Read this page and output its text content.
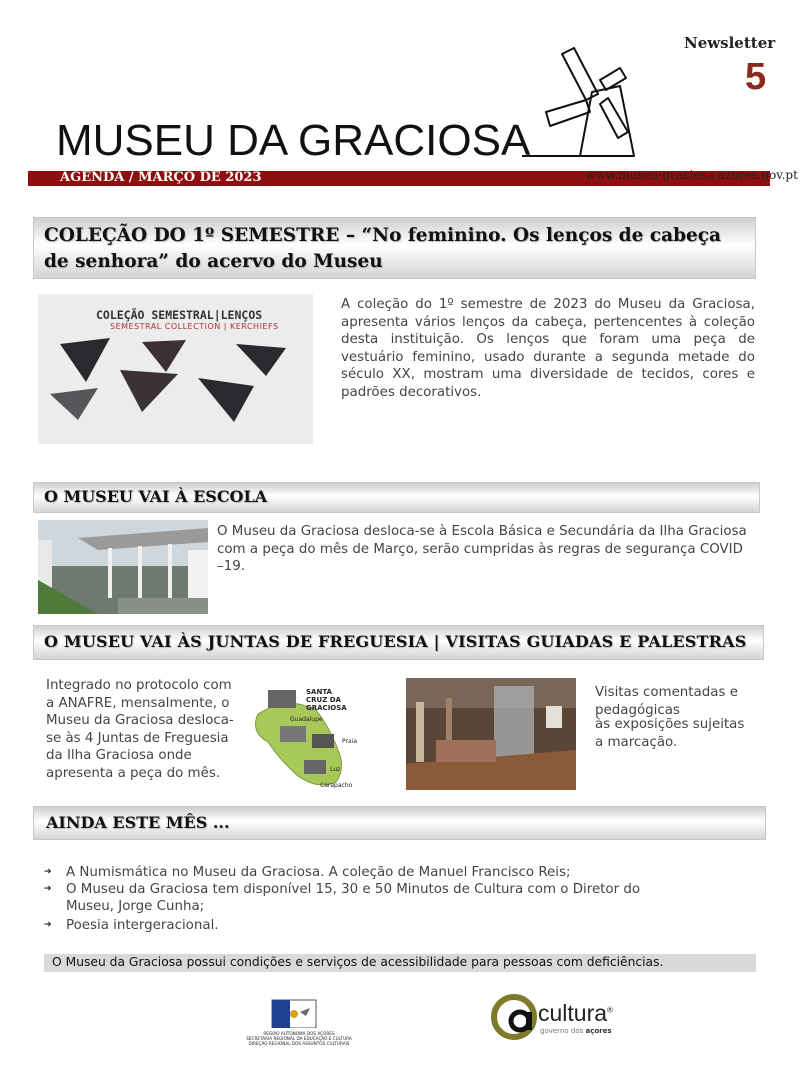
Newsletter
5
MUSEU DA GRACIOSA
AGENDA / MARÇO DE 2023	www.museu-graciosa.azores.gov.pt
COLEÇÃO DO 1º SEMESTRE – “No feminino. Os lenços de cabeça de senhora” do acervo do Museu
COLEÇÃO SEMESTRAL|LENÇOS
SEMESTRAL COLLECTION | KERCHIEFS
A coleção do 1º semestre de 2023 do Museu da Graciosa, apresenta vários lenços da cabeça, pertencentes à coleção desta instituição. Os lenços que foram uma peça de vestuário feminino, usado durante a segunda metade do século XX, mostram uma diversidade de tecidos, cores e padrões decorativos.
O MUSEU VAI À ESCOLA
O Museu da Graciosa desloca-se à Escola Básica e Secundária da Ilha Graciosa com a peça do mês de Março, serão cumpridas às regras de segurança COVID –19.
O MUSEU VAI ÀS JUNTAS DE FREGUESIA | VISITAS GUIADAS E PALESTRAS
Integrado no protocolo com a ANAFRE, mensalmente, o Museu da Graciosa desloca-se às 4 Juntas de Freguesia da Ilha Graciosa onde apresenta a peça do mês.
SANTA CRUZ DA GRACIOSA
Guadalupe
Praia
Luz
Carapacho
Visitas comentadas e pedagógicas
às exposições sujeitas a marcação.
AINDA ESTE MÊS ...
➔ A Numismática no Museu da Graciosa. A coleção de Manuel Francisco Reis;
➔ O Museu da Graciosa tem disponível 15, 30 e 50 Minutos de Cultura com o Diretor do Museu, Jorge Cunha;
➔ Poesia intergeracional.
O Museu da Graciosa possui condições e serviços de acessibilidade para pessoas com deficiências.
REGIÃO AUTÓNOMA DOS AÇORES
SECRETARIA REGIONAL DA EDUCAÇÃO E CULTURA
DIREÇÃO REGIONAL DOS ASSUNTOS CULTURAIS
cultura®
governo dos açores
